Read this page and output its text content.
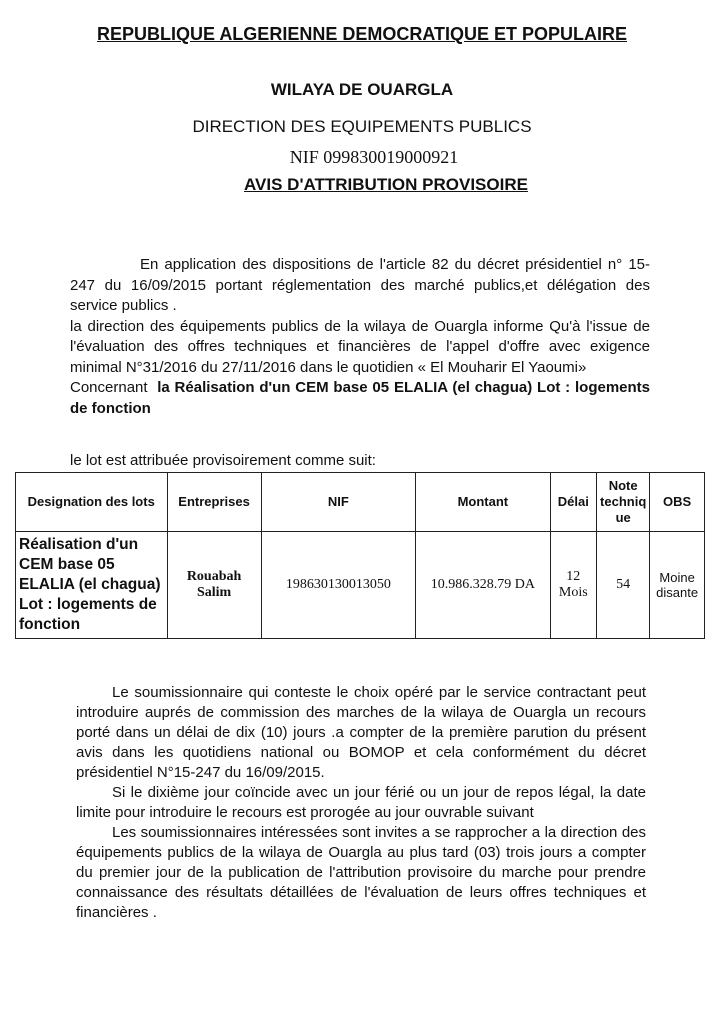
REPUBLIQUE ALGERIENNE DEMOCRATIQUE ET POPULAIRE
WILAYA DE OUARGLA
DIRECTION DES EQUIPEMENTS PUBLICS
NIF 099830019000921
AVIS D'ATTRIBUTION PROVISOIRE

En application des dispositions de l'article 82 du décret présidentiel n° 15-247 du 16/09/2015 portant réglementation des marché publics,et délégation des service publics .

la direction des équipements publics de la wilaya de Ouargla informe Qu'à l'issue de l'évaluation des offres techniques et financières de l'appel d'offre avec exigence minimal N°31/2016 du 27/11/2016 dans le quotidien « El Mouharir El Yaoumi»

Concernant la Réalisation d'un CEM base 05 ELALIA (el chagua) Lot : logements de fonction

le lot est attribuée provisoirement comme suit:
Designation des lots	Entreprises	NIF	Montant	Délai	Note techniq ue	OBS
Réalisation d'un CEM base 05 ELALIA (el chagua) Lot : logements de fonction	Rouabah Salim	198630130013050	10.986.328.79 DA	12 Mois	54	Moine disante

Le soumissionnaire qui conteste le choix opéré par le service contractant peut introduire auprés de commission des marches de la wilaya de Ouargla un recours porté dans un délai de dix (10) jours .a compter de la première parution du présent avis dans les quotidiens national ou BOMOP et cela conformément du décret présidentiel N°15-247 du 16/09/2015.

Si le dixième jour coïncide avec un jour férié ou un jour de repos légal, la date limite pour introduire le recours est prorogée au jour ouvrable suivant

Les soumissionnaires intéressées sont invites a se rapprocher a la direction des équipements publics de la wilaya de Ouargla au plus tard (03) trois jours a compter du premier jour de la publication de l'attribution provisoire du marche pour prendre connaissance des résultats détaillées de l'évaluation de leurs offres techniques et financières .
